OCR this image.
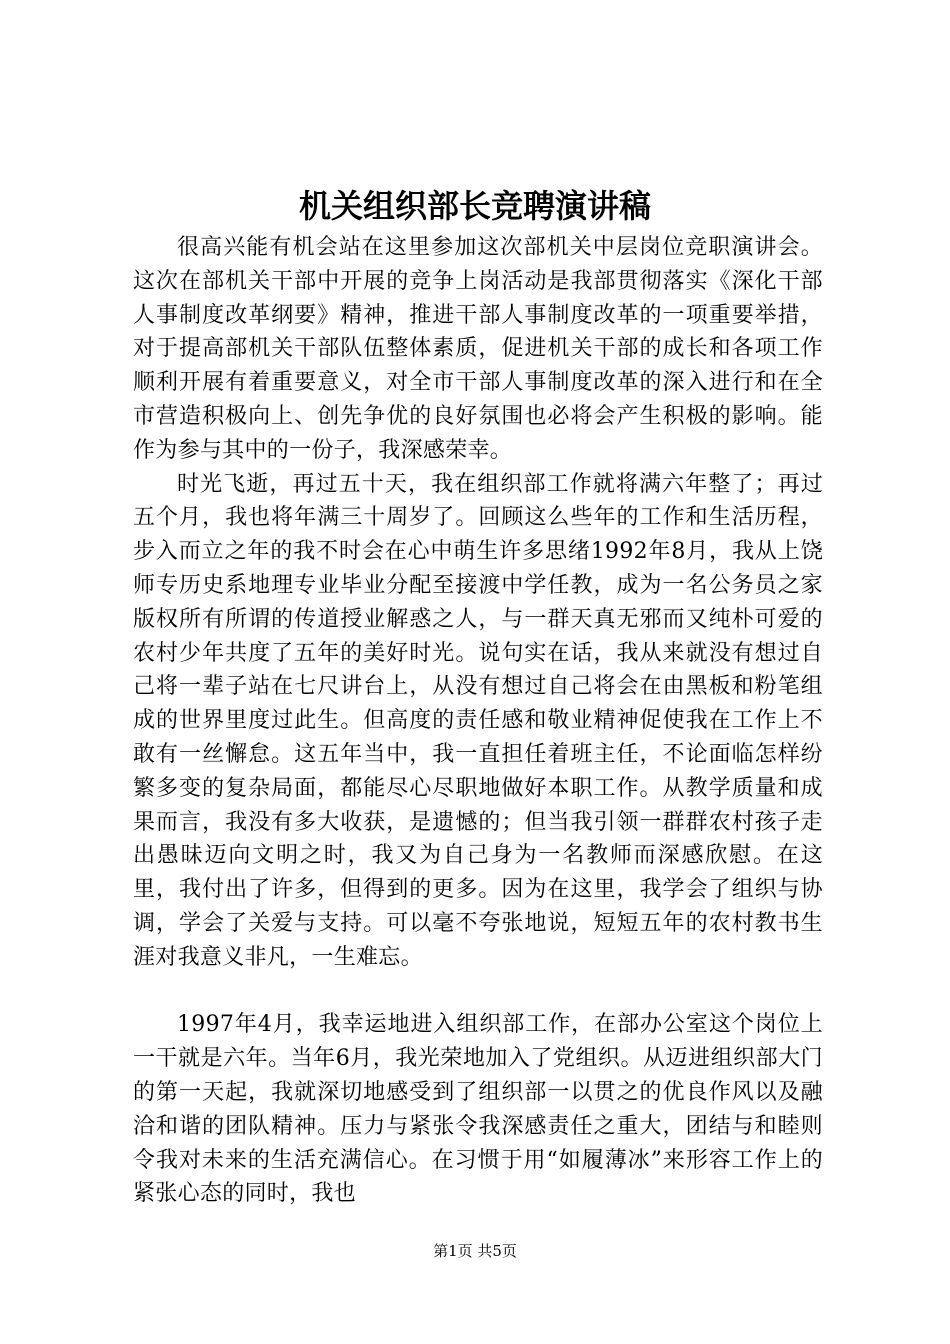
机关组织部长竞聘演讲稿

很高兴能有机会站在这里参加这次部机关中层岗位竞职演讲会。这次在部机关干部中开展的竞争上岗活动是我部贯彻落实《深化干部人事制度改革纲要》精神，推进干部人事制度改革的一项重要举措，对于提高部机关干部队伍整体素质，促进机关干部的成长和各项工作顺利开展有着重要意义，对全市干部人事制度改革的深入进行和在全市营造积极向上、创先争优的良好氛围也必将会产生积极的影响。能作为参与其中的一份子，我深感荣幸。

时光飞逝，再过五十天，我在组织部工作就将满六年整了；再过五个月，我也将年满三十周岁了。回顾这么些年的工作和生活历程，步入而立之年的我不时会在心中萌生许多思绪1992年8月，我从上饶师专历史系地理专业毕业分配至接渡中学任教，成为一名公务员之家版权所有所谓的传道授业解惑之人，与一群天真无邪而又纯朴可爱的农村少年共度了五年的美好时光。说句实在话，我从来就没有想过自己将一辈子站在七尺讲台上，从没有想过自己将会在由黑板和粉笔组成的世界里度过此生。但高度的责任感和敬业精神促使我在工作上不敢有一丝懈怠。这五年当中，我一直担任着班主任，不论面临怎样纷繁多变的复杂局面，都能尽心尽职地做好本职工作。从教学质量和成果而言，我没有多大收获，是遗憾的；但当我引领一群群农村孩子走出愚昧迈向文明之时，我又为自己身为一名教师而深感欣慰。在这里，我付出了许多，但得到的更多。因为在这里，我学会了组织与协调，学会了关爱与支持。可以毫不夸张地说，短短五年的农村教书生涯对我意义非凡，一生难忘。

1997年4月，我幸运地进入组织部工作，在部办公室这个岗位上一干就是六年。当年6月，我光荣地加入了党组织。从迈进组织部大门的第一天起，我就深切地感受到了组织部一以贯之的优良作风以及融洽和谐的团队精神。压力与紧张令我深感责任之重大，团结与和睦则令我对未来的生活充满信心。在习惯于用“如履薄冰”来形容工作上的紧张心态的同时，我也

第1页 共5页
